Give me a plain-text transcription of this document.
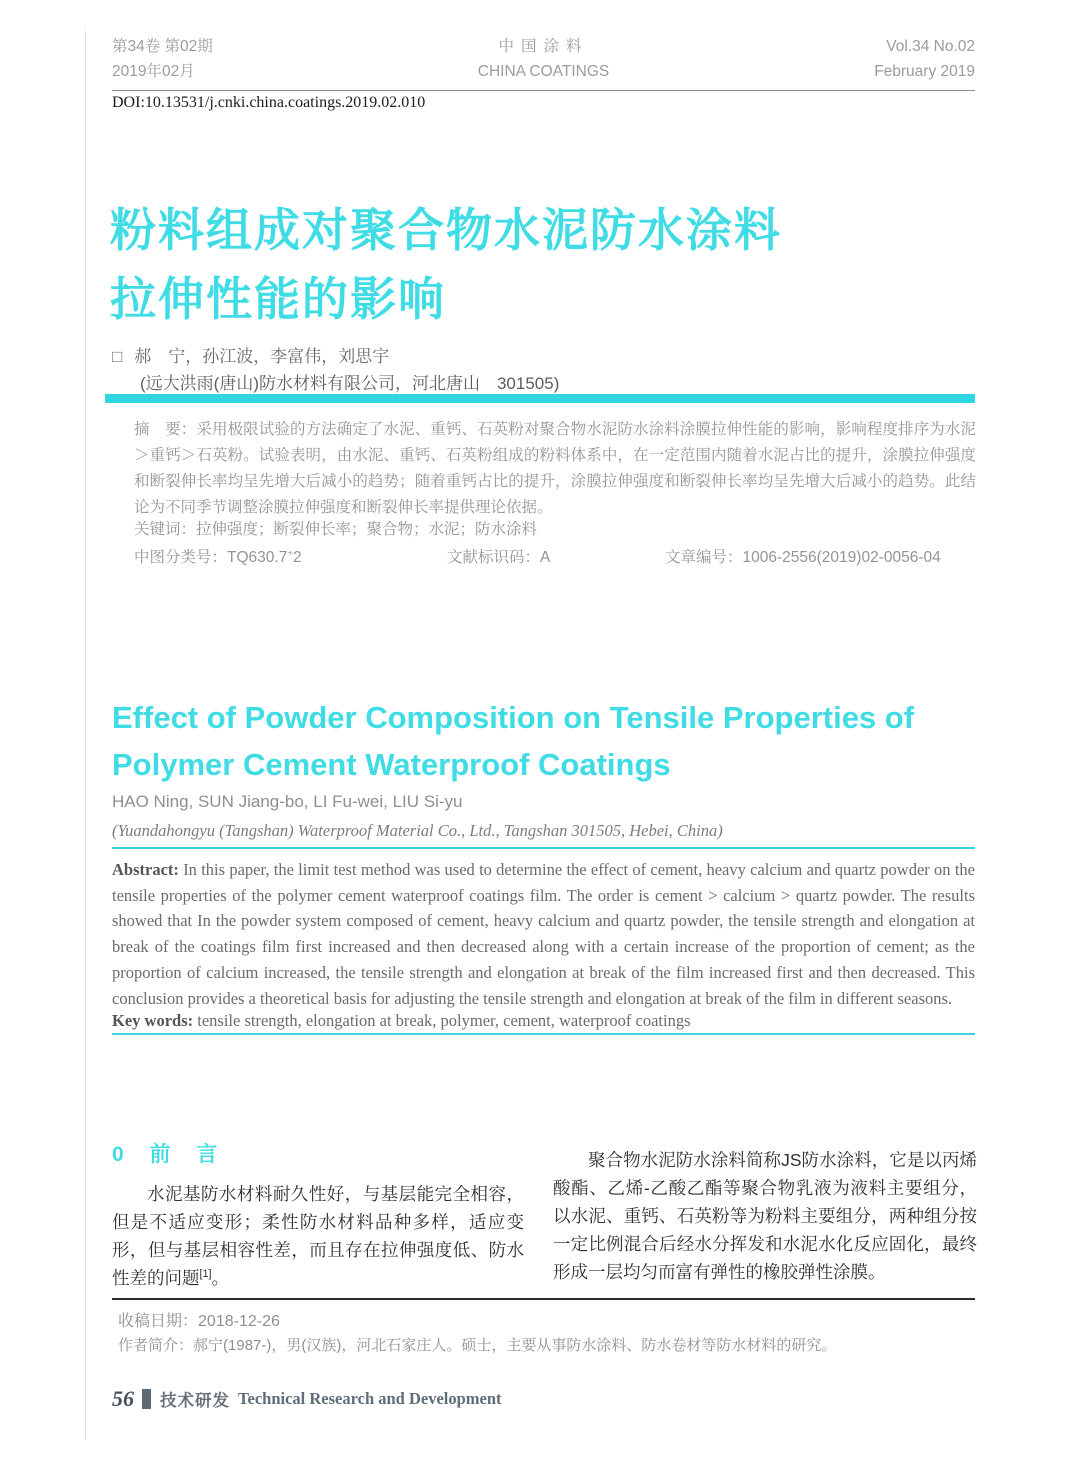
第34卷 第02期
2019年02月
中国涂料
CHINA COATINGS
Vol.34 No.02
February 2019
DOI:10.13531/j.cnki.china.coatings.2019.02.010
粉料组成对聚合物水泥防水涂料
拉伸性能的影响
□ 郝　宁，孙江波，李富伟，刘思宇
(远大洪雨(唐山)防水材料有限公司，河北唐山　301505)
摘　要：采用极限试验的方法确定了水泥、重钙、石英粉对聚合物水泥防水涂料涂膜拉伸性能的影响，影响程度排序为水泥＞重钙＞石英粉。试验表明，由水泥、重钙、石英粉组成的粉料体系中，在一定范围内随着水泥占比的提升，涂膜拉伸强度和断裂伸长率均呈先增大后减小的趋势；随着重钙占比的提升，涂膜拉伸强度和断裂伸长率均呈先增大后减小的趋势。此结论为不同季节调整涂膜拉伸强度和断裂伸长率提供理论依据。
关键词：拉伸强度；断裂伸长率；聚合物；水泥；防水涂料
中图分类号：TQ630.7+2	文献标识码：A	文章编号：1006-2556(2019)02-0056-04
Effect of Powder Composition on Tensile Properties of Polymer Cement Waterproof Coatings
HAO Ning, SUN Jiang-bo, LI Fu-wei, LIU Si-yu
(Yuandahongyu (Tangshan) Waterproof Material Co., Ltd., Tangshan 301505, Hebei, China)

Abstract: In this paper, the limit test method was used to determine the effect of cement, heavy calcium and quartz powder on the tensile properties of the polymer cement waterproof coatings film. The order is cement > calcium > quartz powder. The results showed that In the powder system composed of cement, heavy calcium and quartz powder, the tensile strength and elongation at break of the coatings film first increased and then decreased along with a certain increase of the proportion of cement; as the proportion of calcium increased, the tensile strength and elongation at break of the film increased first and then decreased. This conclusion provides a theoretical basis for adjusting the tensile strength and elongation at break of the film in different seasons.

Key words: tensile strength, elongation at break, polymer, cement, waterproof coatings

0 前 言

水泥基防水材料耐久性好，与基层能完全相容，但是不适应变形；柔性防水材料品种多样，适应变形，但与基层相容性差，而且存在拉伸强度低、防水性差的问题[1]。

聚合物水泥防水涂料简称JS防水涂料，它是以丙烯酸酯、乙烯-乙酸乙酯等聚合物乳液为液料主要组分，以水泥、重钙、石英粉等为粉料主要组分，两种组分按一定比例混合后经水分挥发和水泥水化反应固化，最终形成一层均匀而富有弹性的橡胶弹性涂膜。

收稿日期：2018-12-26
作者简介：郝宁(1987-)，男(汉族)，河北石家庄人。硕士，主要从事防水涂料、防水卷材等防水材料的研究。
56 技术研发 Technical Research and Development
